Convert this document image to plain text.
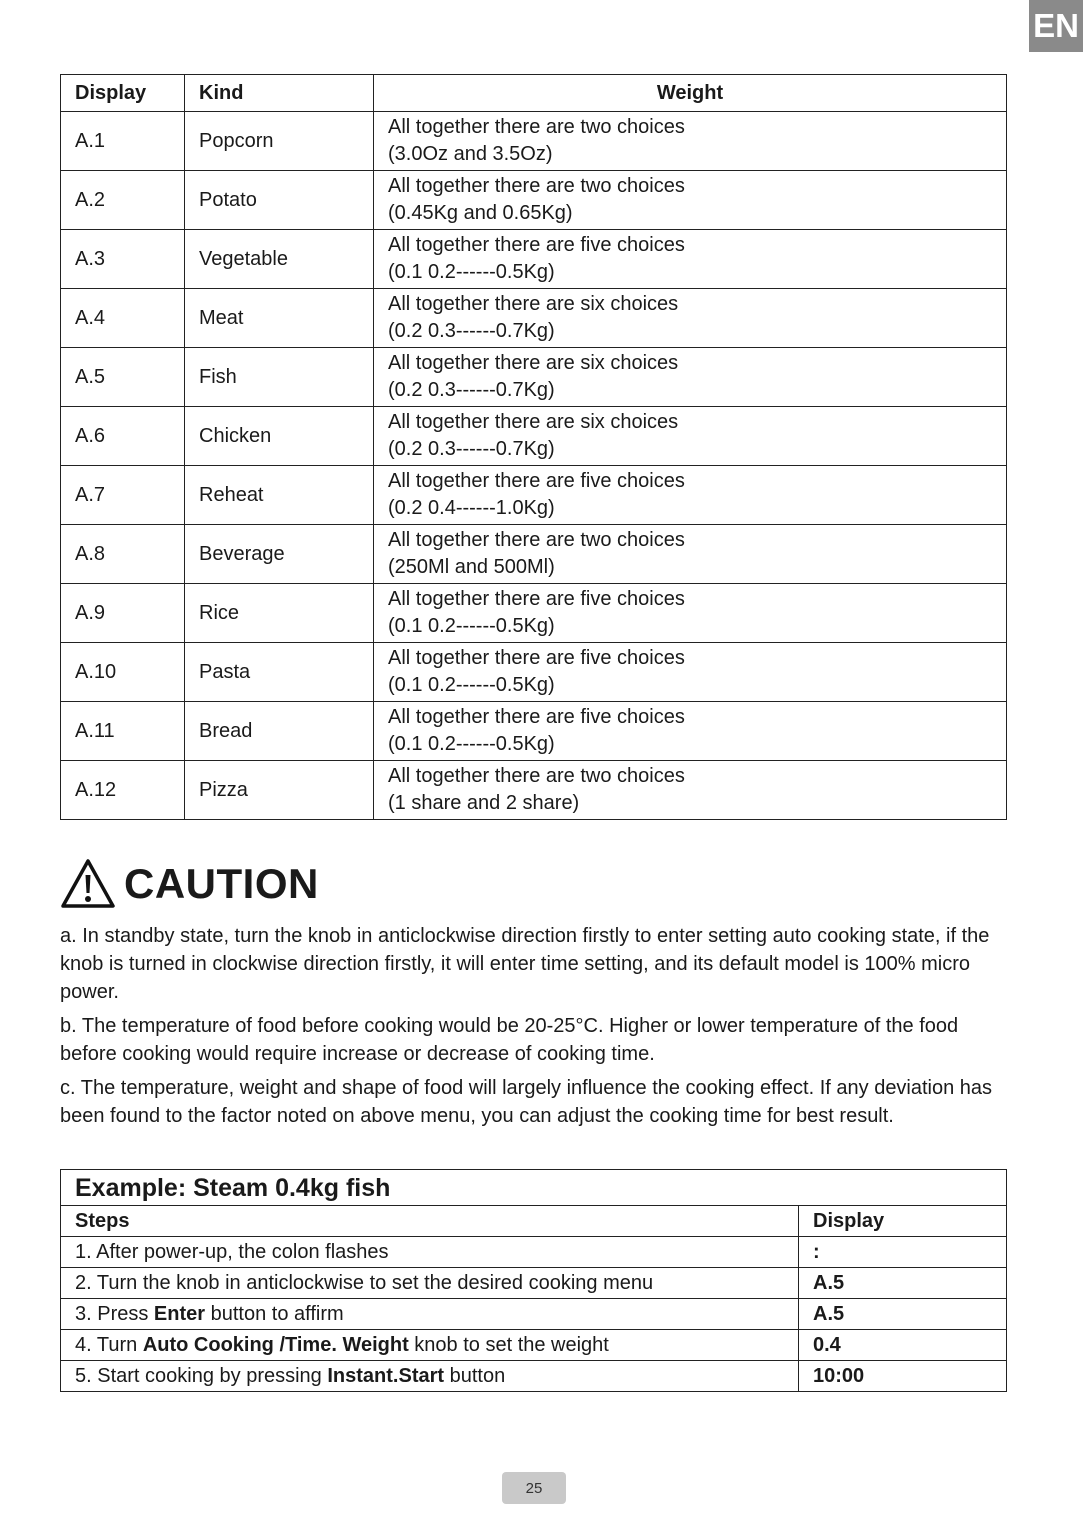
EN
Display	Kind	Weight
A.1	Popcorn	All together there are two choices
(3.0Oz and 3.5Oz)

A.2	Potato	All together there are two choices
(0.45Kg and 0.65Kg)

A.3	Vegetable	All together there are five choices
(0.1 0.2------0.5Kg)

A.4	Meat	All together there are six choices
(0.2 0.3------0.7Kg)

A.5	Fish	All together there are six choices
(0.2 0.3------0.7Kg)

A.6	Chicken	All together there are six choices
(0.2 0.3------0.7Kg)

A.7	Reheat	All together there are five choices
(0.2 0.4------1.0Kg)

A.8	Beverage	All together there are two choices
(250Ml and 500Ml)

A.9	Rice	All together there are five choices
(0.1 0.2------0.5Kg)

A.10	Pasta	All together there are five choices
(0.1 0.2------0.5Kg)

A.11	Bread	All together there are five choices
(0.1 0.2------0.5Kg)

A.12	Pizza	All together there are two choices
(1 share and 2 share)
CAUTION

a. In standby state, turn the knob in anticlockwise direction firstly to enter setting auto cooking state, if the knob is turned in clockwise direction firstly, it will enter time setting, and its default model is 100% micro power.

b. The temperature of food before cooking would be 20-25°C. Higher or lower temperature of the food before cooking would require increase or decrease of cooking time.

c. The temperature, weight and shape of food will largely influence the cooking effect. If any deviation has been found to the factor noted on above menu, you can adjust the cooking time for best result.

Example: Steam 0.4kg fish	
Steps	Display
1. After power-up, the colon flashes	:
2. Turn the knob in anticlockwise to set the desired cooking menu	A.5
3. Press Enter button to affirm	A.5
4. Turn Auto Cooking /Time. Weight knob to set the weight	0.4
5. Start cooking by pressing Instant.Start button	10:00
25
